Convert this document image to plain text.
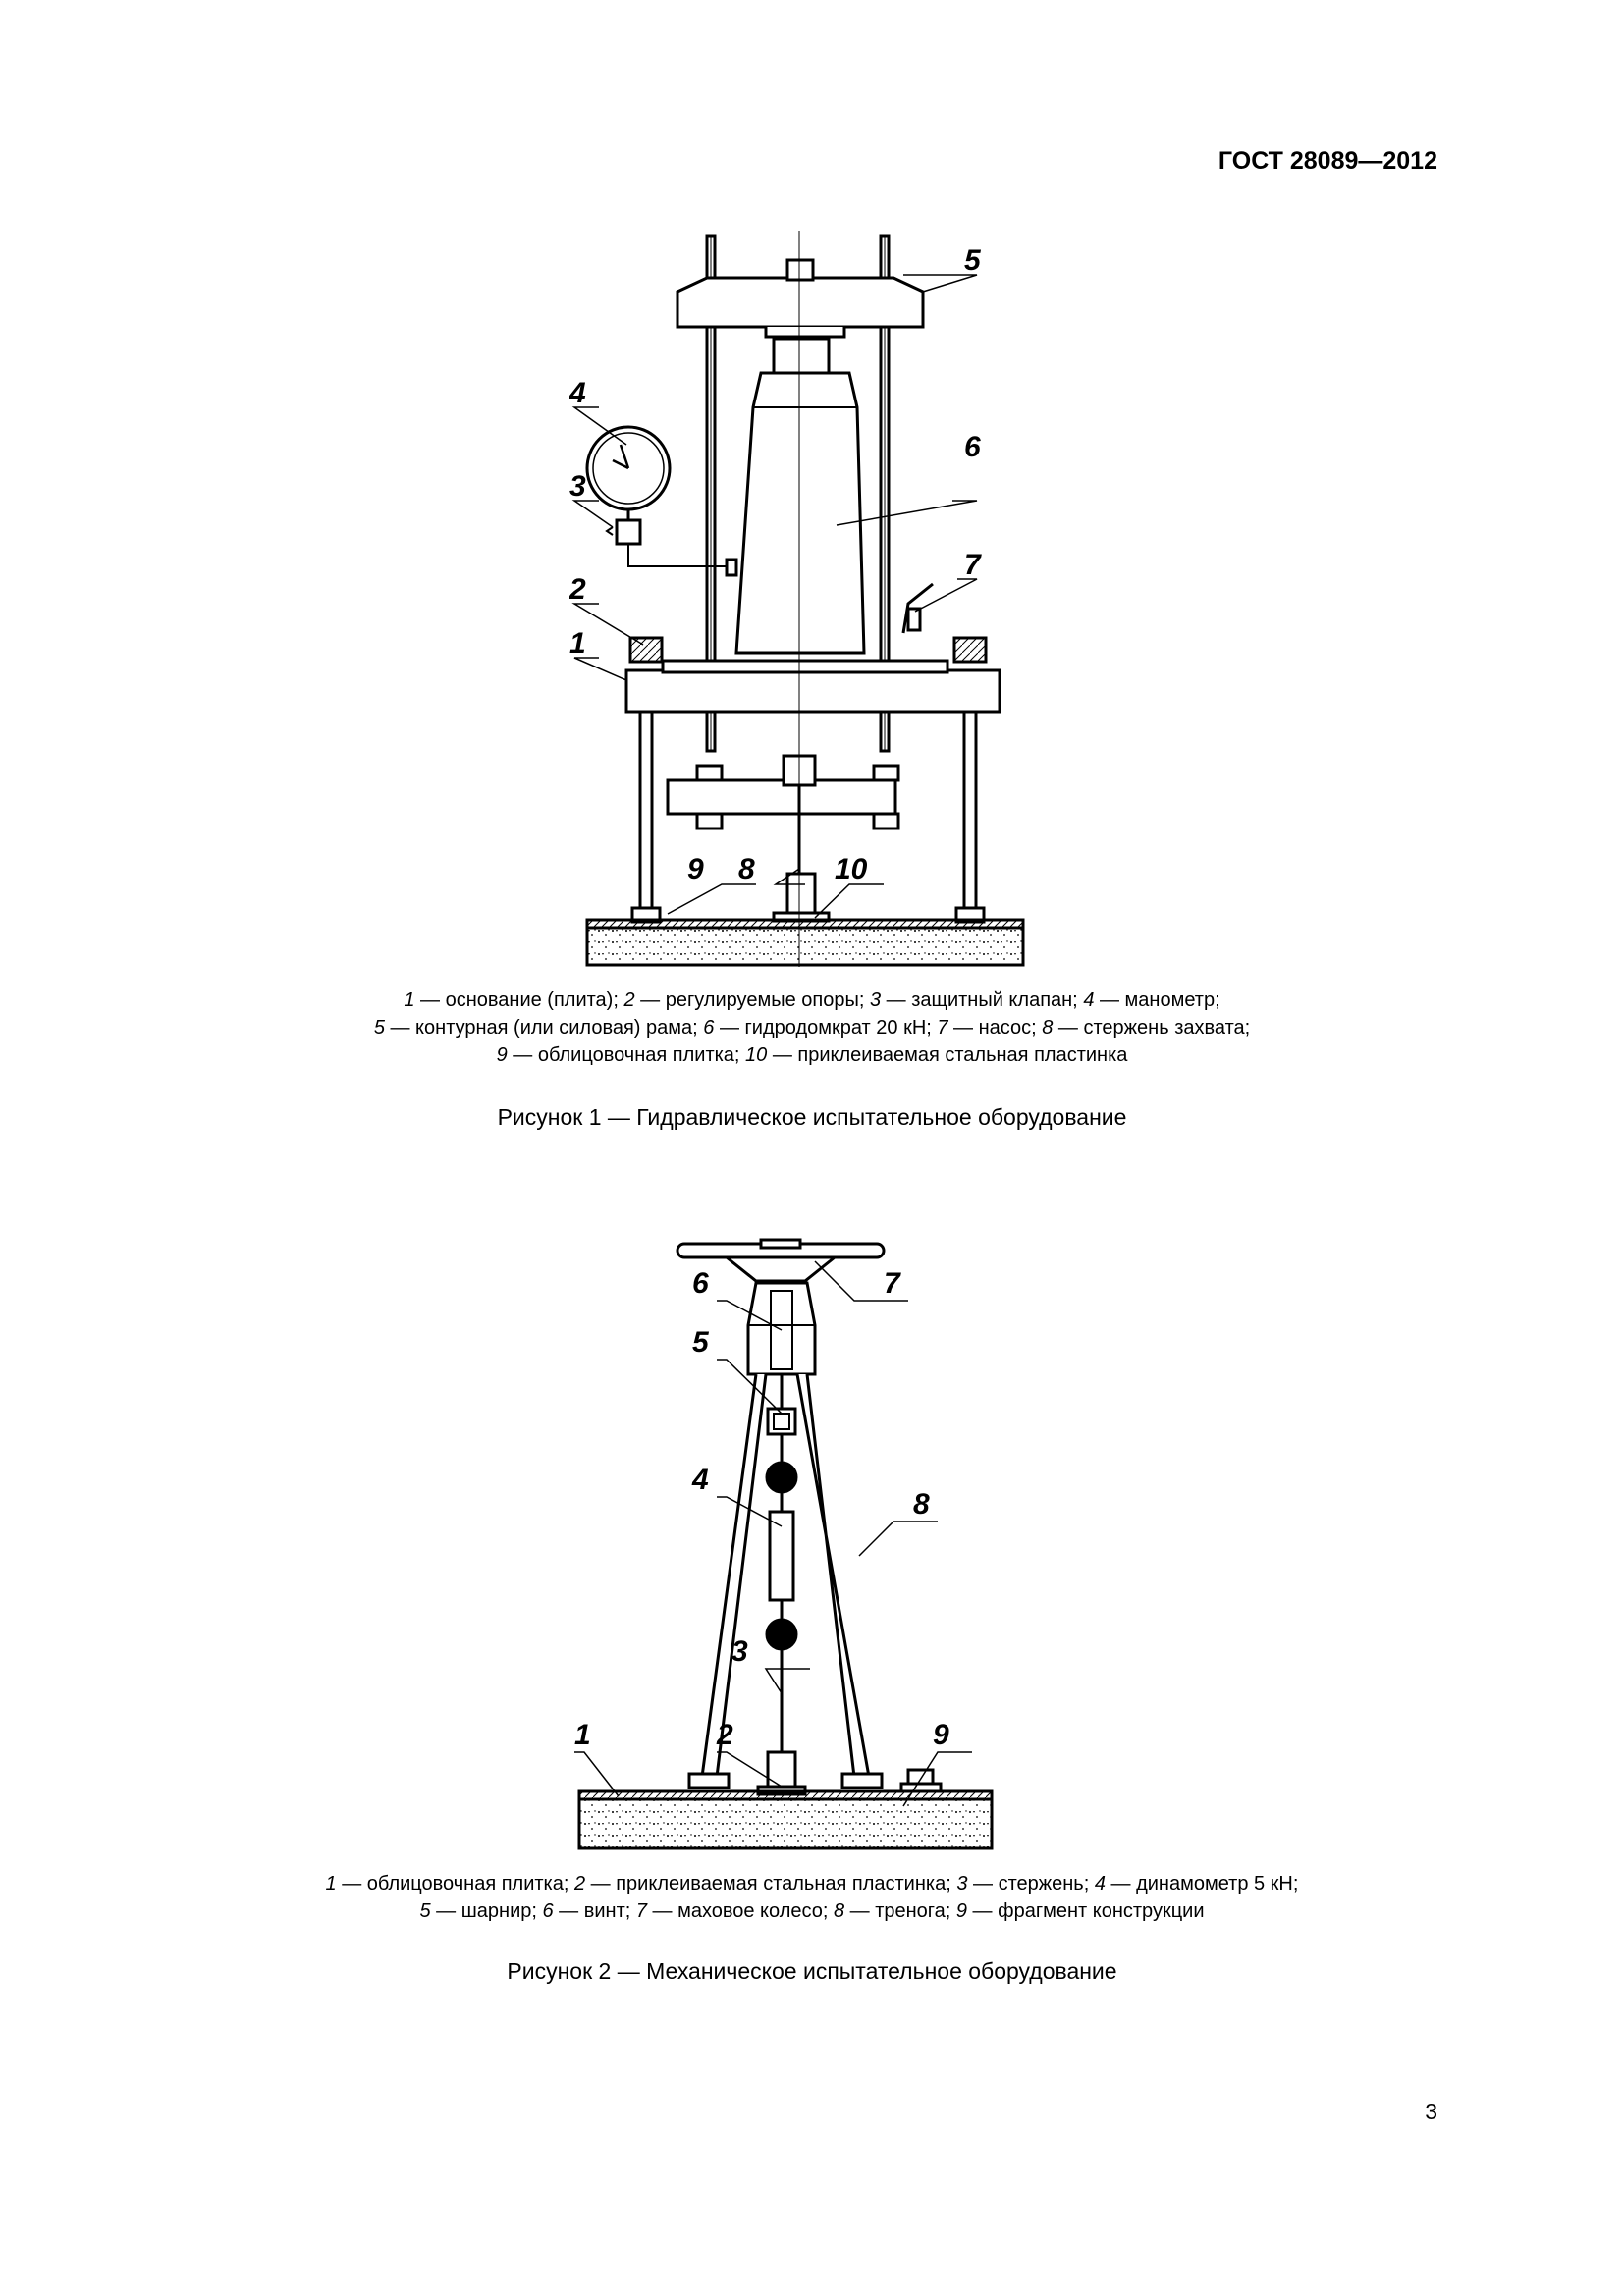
ГОСТ 28089—2012
5
6
4
3
7
2
1
9 8	10
1 — основание (плита); 2 — регулируемые опоры; 3 — защитный клапан; 4 — манометр;
5 — контурная (или силовая) рама; 6 — гидродомкрат 20 кН; 7 — насос; 8 — стержень захвата;
9 — облицовочная плитка; 10 — приклеиваемая стальная пластинка
Рисунок 1 — Гидравлическое испытательное оборудование
7
6
5
4
8
3
2
1	9
1 — облицовочная плитка; 2 — приклеиваемая стальная пластинка; 3 — стержень; 4 — динамометр 5 кН;
5 — шарнир; 6 — винт; 7 — маховое колесо; 8 — тренога; 9 — фрагмент конструкции
Рисунок 2 — Механическое испытательное оборудование
3
